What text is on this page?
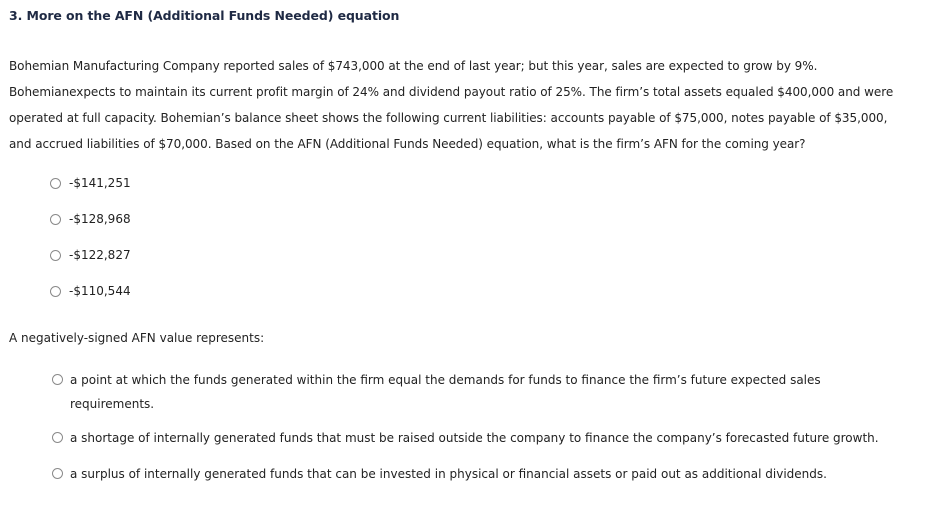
3. More on the AFN (Additional Funds Needed) equation

Bohemian Manufacturing Company reported sales of $743,000 at the end of last year; but this year, sales are expected to grow by 9%.

Bohemianexpects to maintain its current profit margin of 24% and dividend payout ratio of 25%. The firm’s total assets equaled $400,000 and were

operated at full capacity. Bohemian’s balance sheet shows the following current liabilities: accounts payable of $75,000, notes payable of $35,000,

and accrued liabilities of $70,000. Based on the AFN (Additional Funds Needed) equation, what is the firm’s AFN for the coming year?

-$141,251
-$128,968
-$122,827
-$110,544
A negatively-signed AFN value represents:
a point at which the funds generated within the firm equal the demands for funds to finance the firm’s future expected sales
requirements.
a shortage of internally generated funds that must be raised outside the company to finance the company’s forecasted future growth.
a surplus of internally generated funds that can be invested in physical or financial assets or paid out as additional dividends.
